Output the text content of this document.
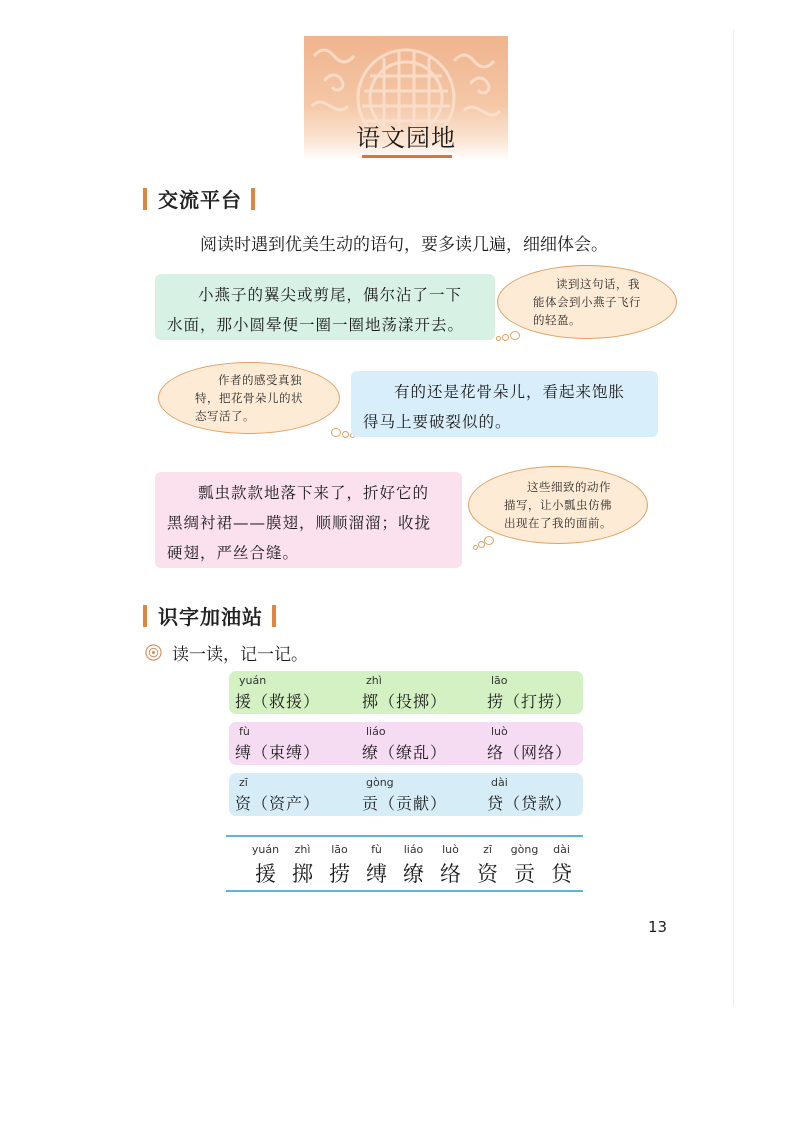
语文园地
交流平台
阅读时遇到优美生动的语句，要多读几遍，细细体会。
小燕子的翼尖或剪尾，偶尔沾了一下
水面，那小圆晕便一圈一圈地荡漾开去。
读到这句话，我
能体会到小燕子飞行
的轻盈。
作者的感受真独
特，把花骨朵儿的状
态写活了。
有的还是花骨朵儿，看起来饱胀
得马上要破裂似的。
瓢虫款款地落下来了，折好它的
黑绸衬裙——膜翅，顺顺溜溜；收拢
硬翅，严丝合缝。
这些细致的动作
描写，让小瓢虫仿佛
出现在了我的面前。
识字加油站
读一读，记一记。
yuán
援（救援）
zhì
掷（投掷）
lāo
捞（打捞）
fù
缚（束缚）
liáo
缭（缭乱）
luò
络（网络）
zī
资（资产）
gòng
贡（贡献）
dài
贷（贷款）
yuán
援
zhì
掷
lāo
捞
fù
缚
liáo
缭
luò
络
zī
资
gòng
贡
dài
贷
13
